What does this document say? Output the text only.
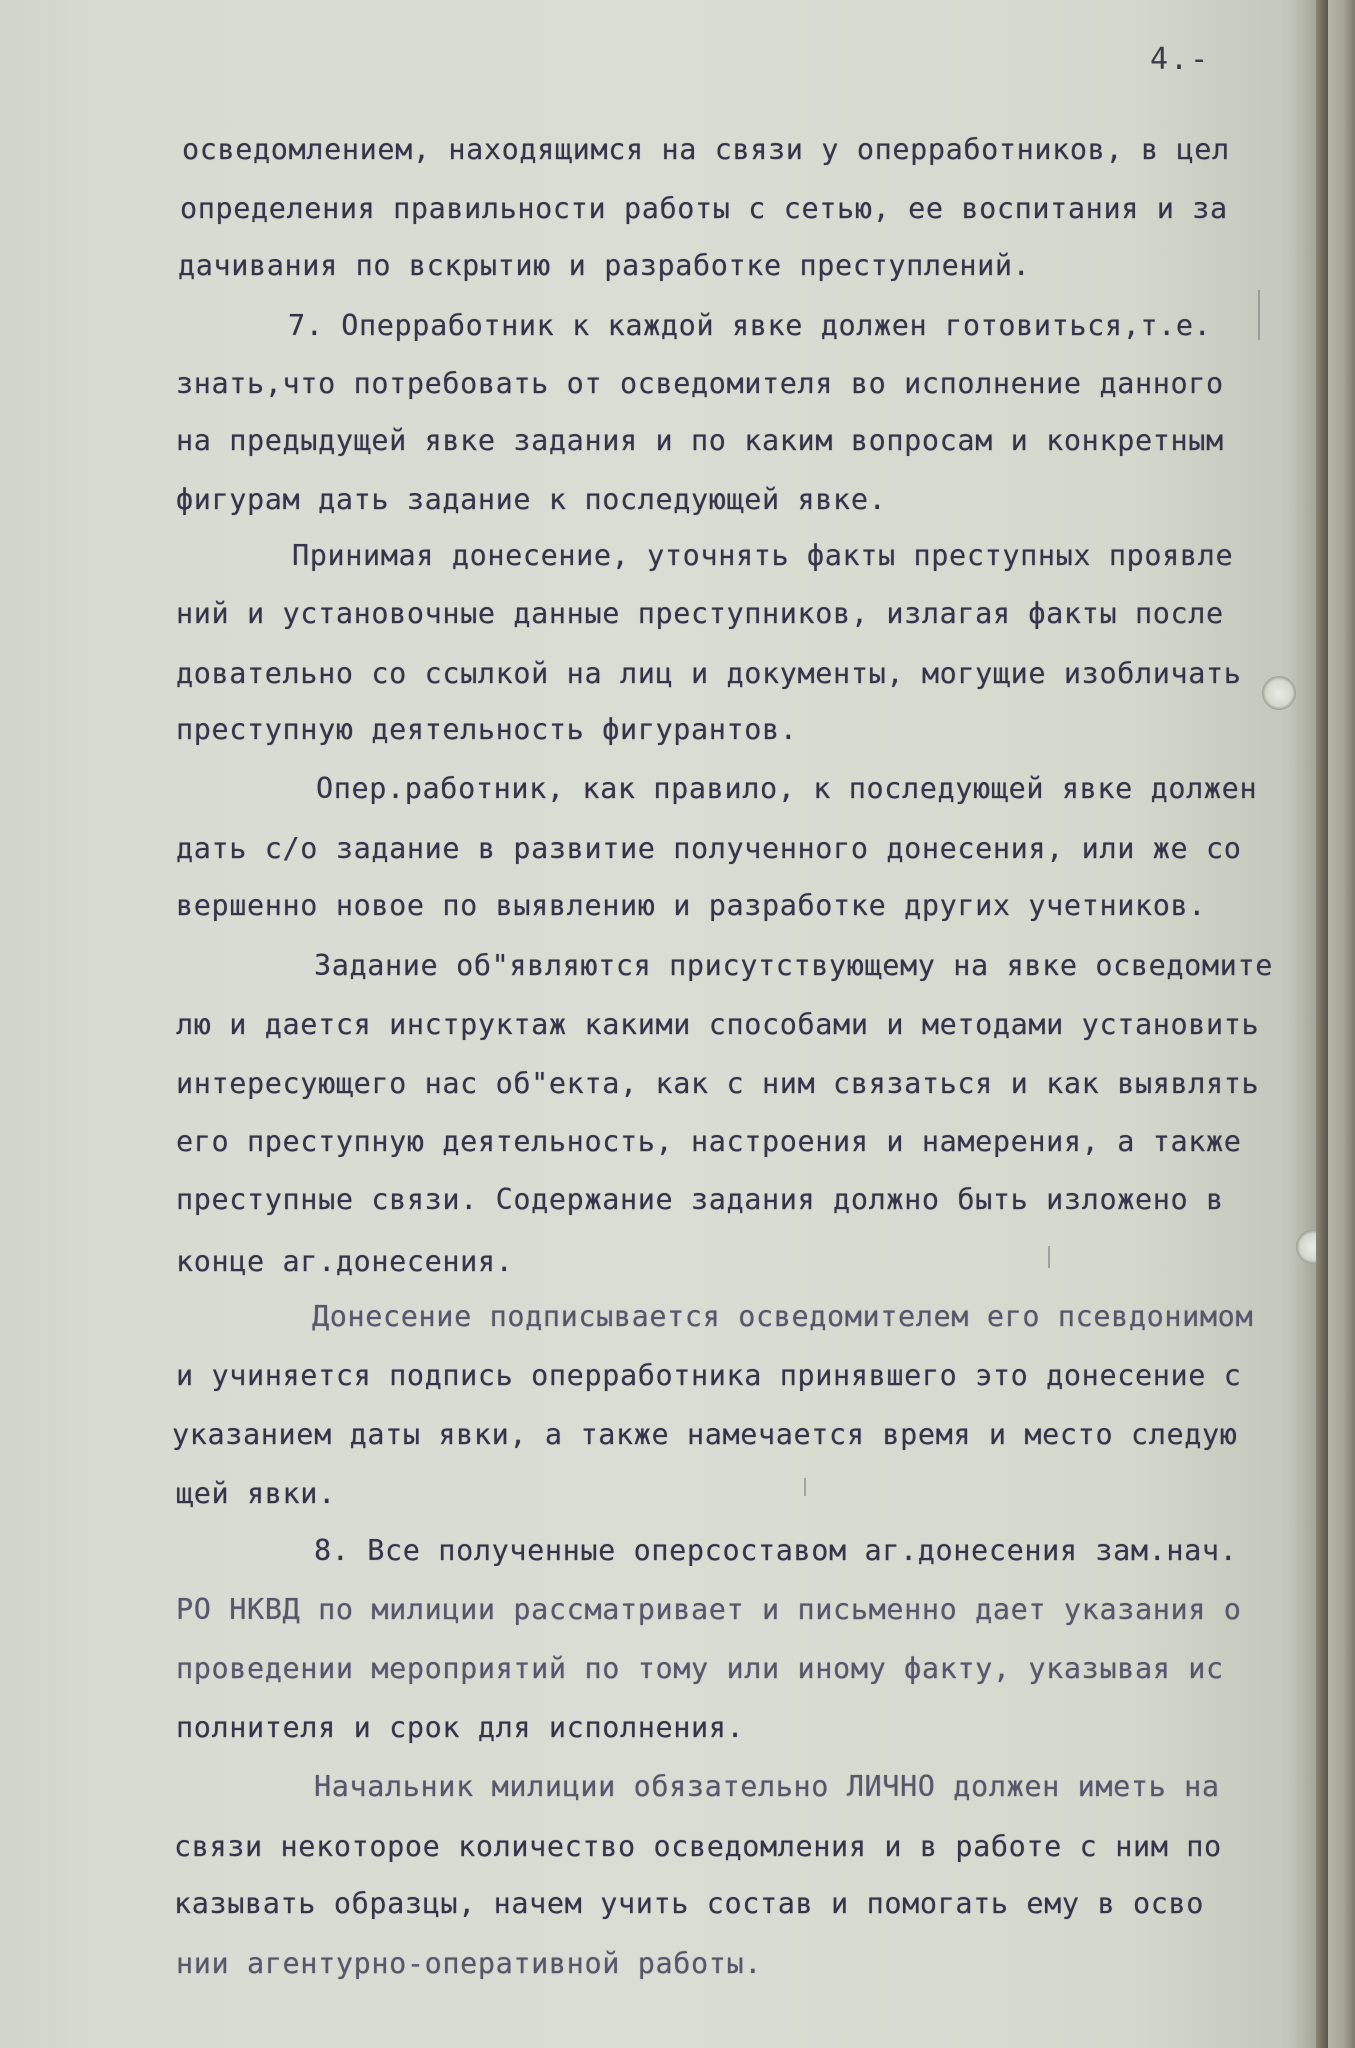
4.-
осведомлением, находящимся на связи у оперработников, в цел
определения правильности работы с сетью, ее воспитания и за
дачивания по вскрытию и разработке преступлений.
7. Оперработник к каждой явке должен готовиться,т.е.
знать,что потребовать от осведомителя во исполнение данного
на предыдущей явке задания и по каким вопросам и конкретным
фигурам дать задание к последующей явке.
Принимая донесение, уточнять факты преступных проявле
ний и установочные данные преступников, излагая факты после
довательно со ссылкой на лиц и документы, могущие изобличать
преступную деятельность фигурантов.
Опер.работник, как правило, к последующей явке должен
дать с/о задание в развитие полученного донесения, или же со
вершенно новое по выявлению и разработке других учетников.
Задание об"являются присутствующему на явке осведомите
лю и дается инструктаж какими способами и методами установить
интересующего нас об"екта, как с ним связаться и как выявлять
его преступную деятельность, настроения и намерения, а также
преступные связи. Содержание задания должно быть изложено в
конце аг.донесения.
Донесение подписывается осведомителем его псевдонимом
и учиняется подпись оперработника принявшего это донесение с
указанием даты явки, а также намечается время и место следую
щей явки.
8. Все полученные оперсоставом аг.донесения зам.нач.
РО НКВД по милиции рассматривает и письменно дает указания о
проведении мероприятий по тому или иному факту, указывая ис
полнителя и срок для исполнения.
Начальник милиции обязательно ЛИЧНО должен иметь на
связи некоторое количество осведомления и в работе с ним по
казывать образцы, начем учить состав и помогать ему в осво
нии агентурно-оперативной работы.
